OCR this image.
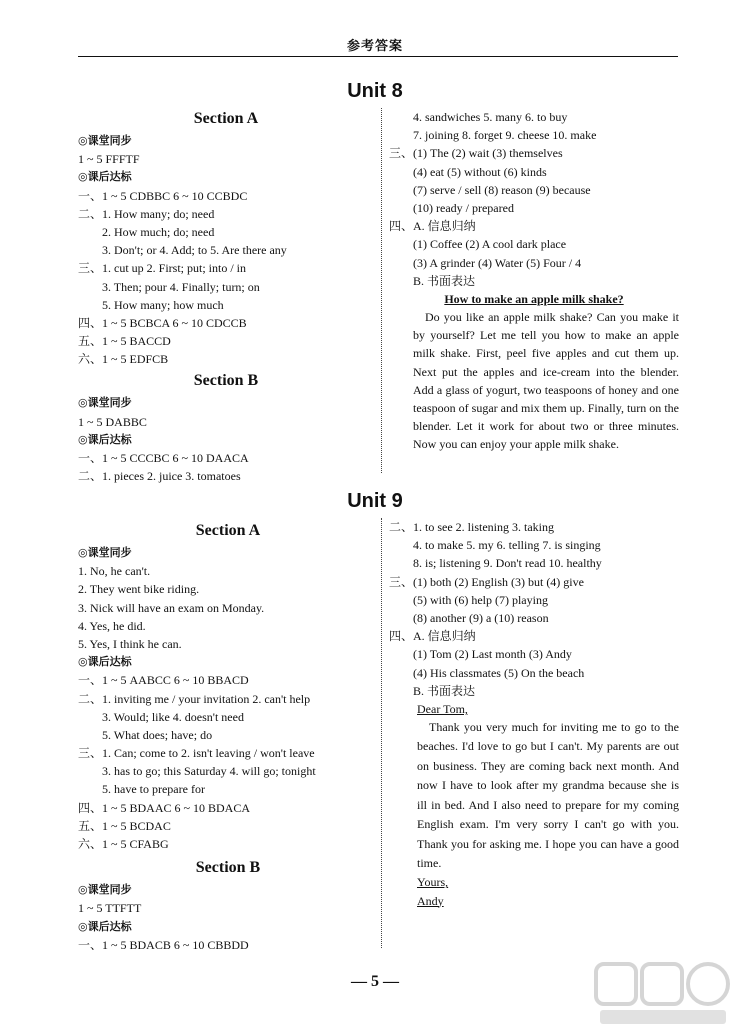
参考答案
Unit 8
Section A
◎课堂同步
1 ~ 5 FFFTF
◎课后达标
一、1 ~ 5 CDBBC 6 ~ 10 CCBDC
二、1. How many; do; need
2. How much; do; need
3. Don't; or 4. Add; to 5. Are there any
三、1. cut up 2. First; put; into / in
3. Then; pour 4. Finally; turn; on
5. How many; how much
四、1 ~ 5 BCBCA 6 ~ 10 CDCCB
五、1 ~ 5 BACCD
六、1 ~ 5 EDFCB
Section B
◎课堂同步
1 ~ 5 DABBC
◎课后达标
一、1 ~ 5 CCCBC 6 ~ 10 DAACA
二、1. pieces 2. juice 3. tomatoes
4. sandwiches 5. many 6. to buy
7. joining 8. forget 9. cheese 10. make
三、(1) The (2) wait (3) themselves
(4) eat (5) without (6) kinds
(7) serve / sell (8) reason (9) because
(10) ready / prepared
四、A. 信息归纳
(1) Coffee (2) A cool dark place
(3) A grinder (4) Water (5) Four / 4
B. 书面表达
How to make an apple milk shake?
Do you like an apple milk shake? Can you make it by yourself? Let me tell you how to make an apple milk shake. First, peel five apples and cut them up. Next put the apples and ice-cream into the blender. Add a glass of yogurt, two teaspoons of honey and one teaspoon of sugar and mix them up. Finally, turn on the blender. Let it work for about two or three minutes. Now you can enjoy your apple milk shake.
Unit 9
Section A
◎课堂同步
1. No, he can't.
2. They went bike riding.
3. Nick will have an exam on Monday.
4. Yes, he did.
5. Yes, I think he can.
◎课后达标
一、1 ~ 5 AABCC 6 ~ 10 BBACD
二、1. inviting me / your invitation 2. can't help
3. Would; like 4. doesn't need
5. What does; have; do
三、1. Can; come to 2. isn't leaving / won't leave
3. has to go; this Saturday 4. will go; tonight
5. have to prepare for
四、1 ~ 5 BDAAC 6 ~ 10 BDACA
五、1 ~ 5 BCDAC
六、1 ~ 5 CFABG
Section B
◎课堂同步
1 ~ 5 TTFTT
◎课后达标
一、1 ~ 5 BDACB 6 ~ 10 CBBDD
二、1. to see 2. listening 3. taking
4. to make 5. my 6. telling 7. is singing
8. is; listening 9. Don't read 10. healthy
三、(1) both (2) English (3) but (4) give
(5) with (6) help (7) playing
(8) another (9) a (10) reason
四、A. 信息归纳
(1) Tom (2) Last month (3) Andy
(4) His classmates (5) On the beach
B. 书面表达
Dear Tom,
Thank you very much for inviting me to go to the beaches. I'd love to go but I can't. My parents are out on business. They are coming back next month. And now I have to look after my grandma because she is ill in bed. And I also need to prepare for my coming English exam. I'm very sorry I can't go with you. Thank you for asking me. I hope you can have a good time.
Yours,
Andy
— 5 —
